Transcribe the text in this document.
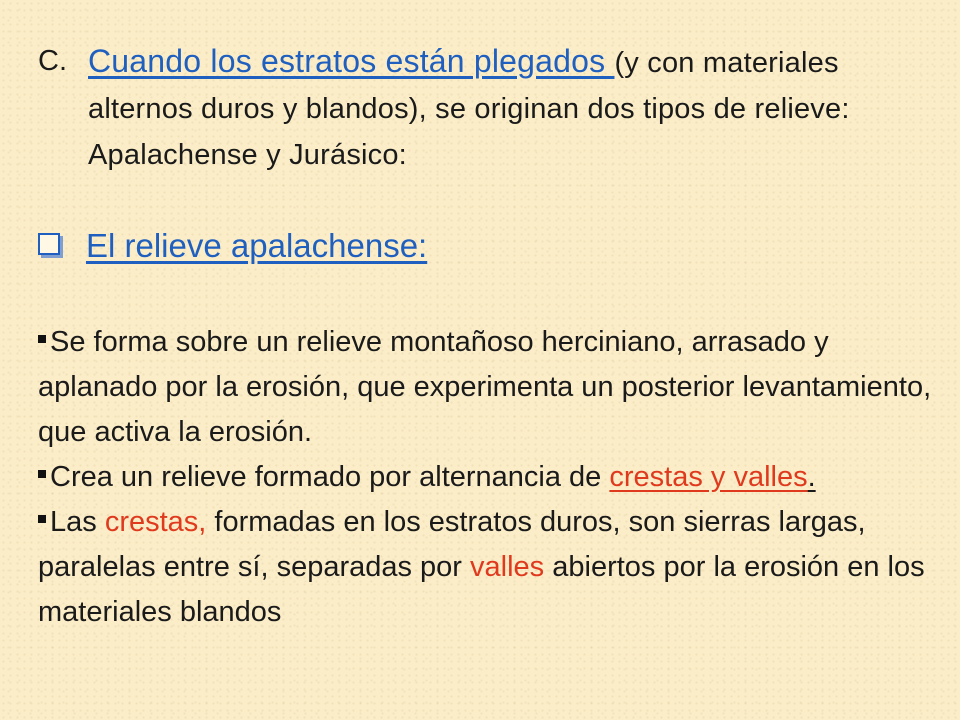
C. Cuando los estratos están plegados (y con materiales alternos duros y blandos), se originan dos tipos de relieve: Apalachense y Jurásico:
El relieve apalachense:

Se forma sobre un relieve montañoso herciniano, arrasado y aplanado por la erosión, que experimenta un posterior levantamiento, que activa la erosión.

Crea un relieve formado por alternancia de crestas y valles.

Las crestas, formadas en los estratos duros, son sierras largas, paralelas entre sí, separadas por valles abiertos por la erosión en los materiales blandos
